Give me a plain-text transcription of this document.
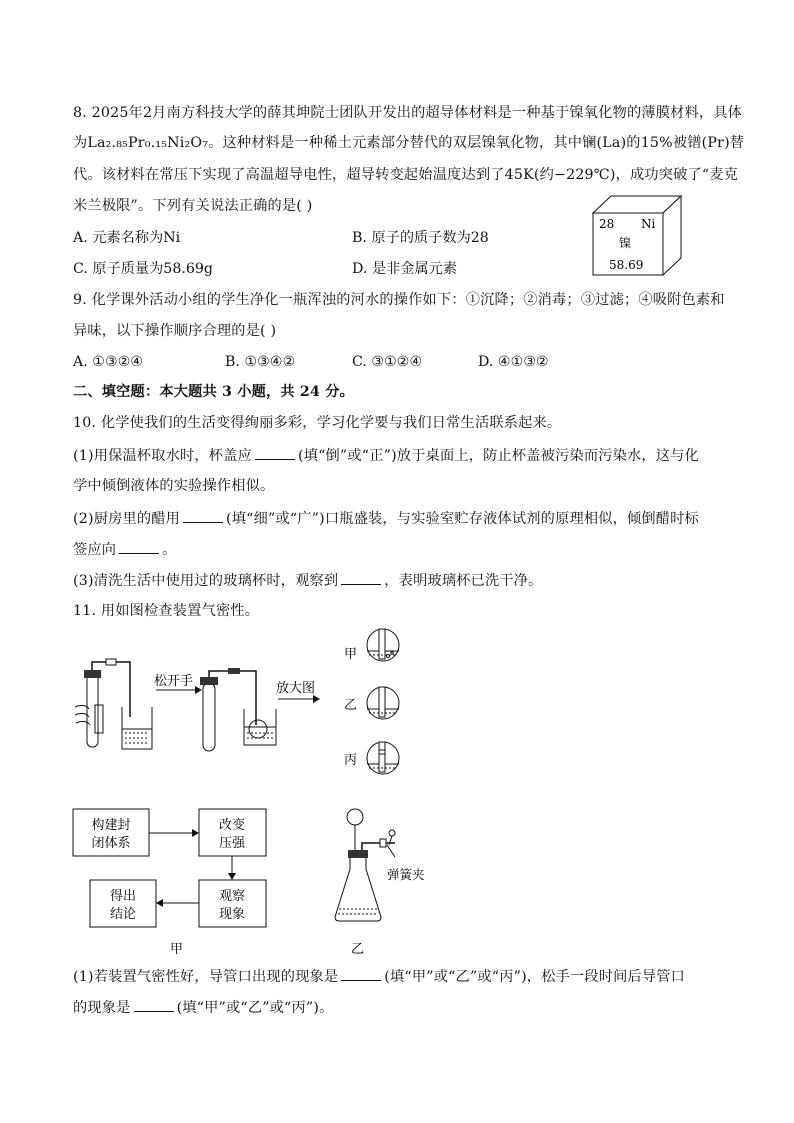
8. 2025年2月南方科技大学的薛其坤院士团队开发出的超导体材料是一种基于镍氧化物的薄膜材料，具体
为La₂.₈₅Pr₀.₁₅Ni₂O₇。这种材料是一种稀土元素部分替代的双层镍氧化物，其中镧(La)的15%被镨(Pr)替
代。该材料在常压下实现了高温超导电性，超导转变起始温度达到了45K(约−229℃)，成功突破了“麦克
米兰极限”。下列有关说法正确的是( )
A. 元素名称为Ni	B. 原子的质子数为28
C. 原子质量为58.69g	D. 是非金属元素
28 Ni
镍
58.69
9. 化学课外活动小组的学生净化一瓶浑浊的河水的操作如下：①沉降；②消毒；③过滤；④吸附色素和
异味，以下操作顺序合理的是( )
A. ①③②④	B. ①③④②	C. ③①②④	D. ④①③②
二、填空题：本大题共 3 小题，共 24 分。
10. 化学使我们的生活变得绚丽多彩，学习化学要与我们日常生活联系起来。
(1)用保温杯取水时，杯盖应	(填“倒”或“正”)放于桌面上，防止杯盖被污染而污染水，这与化
学中倾倒液体的实验操作相似。
(2)厨房里的醋用	(填“细”或“广”)口瓶盛装，与实验室贮存液体试剂的原理相似，倾倒醋时标
签应向	。
(3)清洗生活中使用过的玻璃杯时，观察到	，表明玻璃杯已洗干净。
11. 用如图检查装置气密性。
松开手	放大图
甲
乙
丙
构建封
闭体系
改变
压强
观察
现象
得出
结论
甲
弹簧夹
乙
(1)若装置气密性好，导管口出现的现象是	(填“甲”或“乙”或“丙”)，松手一段时间后导管口
的现象是	(填“甲”或“乙”或“丙”)。
